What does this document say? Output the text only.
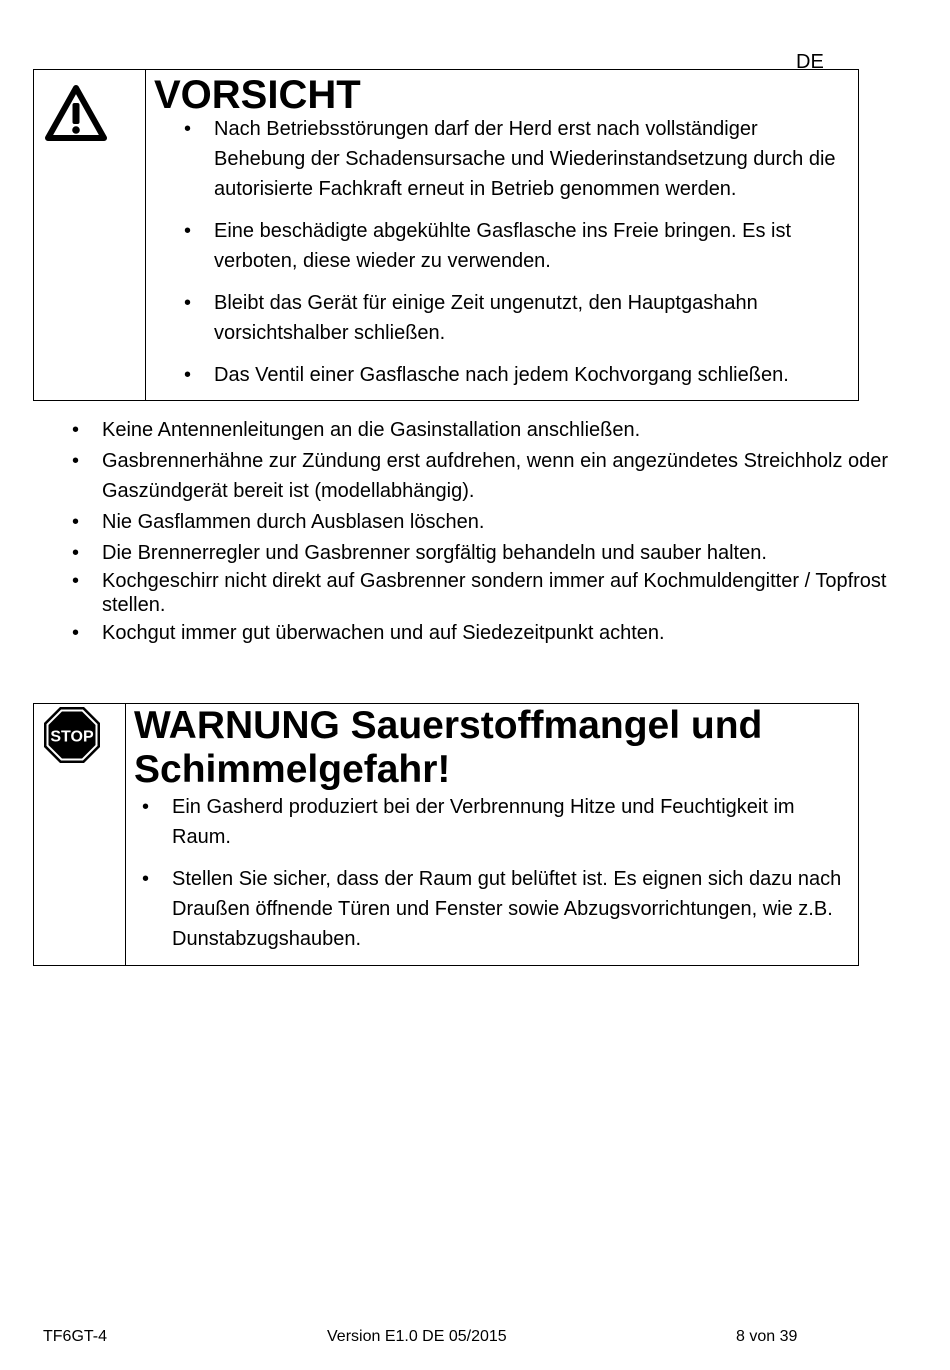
DE
VORSICHT
• Nach Betriebsstörungen darf der Herd erst nach vollständiger Behebung der Schadensursache und Wiederinstandsetzung durch die autorisierte Fachkraft erneut in Betrieb genommen werden.
• Eine beschädigte abgekühlte Gasflasche ins Freie bringen. Es ist verboten, diese wieder zu verwenden.
• Bleibt das Gerät für einige Zeit ungenutzt, den Hauptgashahn vorsichtshalber schließen.
• Das Ventil einer Gasflasche nach jedem Kochvorgang schließen.
• Keine Antennenleitungen an die Gasinstallation anschließen.
• Gasbrennerhähne zur Zündung erst aufdrehen, wenn ein angezündetes Streichholz oder Gaszündgerät bereit ist (modellabhängig).
• Nie Gasflammen durch Ausblasen löschen.
• Die Brennerregler und Gasbrenner sorgfältig behandeln und sauber halten.
• Kochgeschirr nicht direkt auf Gasbrenner sondern immer auf Kochmuldengitter / Topfrost stellen.
• Kochgut immer gut überwachen und auf Siedezeitpunkt achten.
STOP WARNUNG Sauerstoffmangel und
Schimmelgefahr!
• Ein Gasherd produziert bei der Verbrennung Hitze und Feuchtigkeit im Raum.
• Stellen Sie sicher, dass der Raum gut belüftet ist. Es eignen sich dazu nach Draußen öffnende Türen und Fenster sowie Abzugsvorrichtungen, wie z.B. Dunstabzugshauben.
TF6GT-4	Version E1.0 DE 05/2015	8 von 39
